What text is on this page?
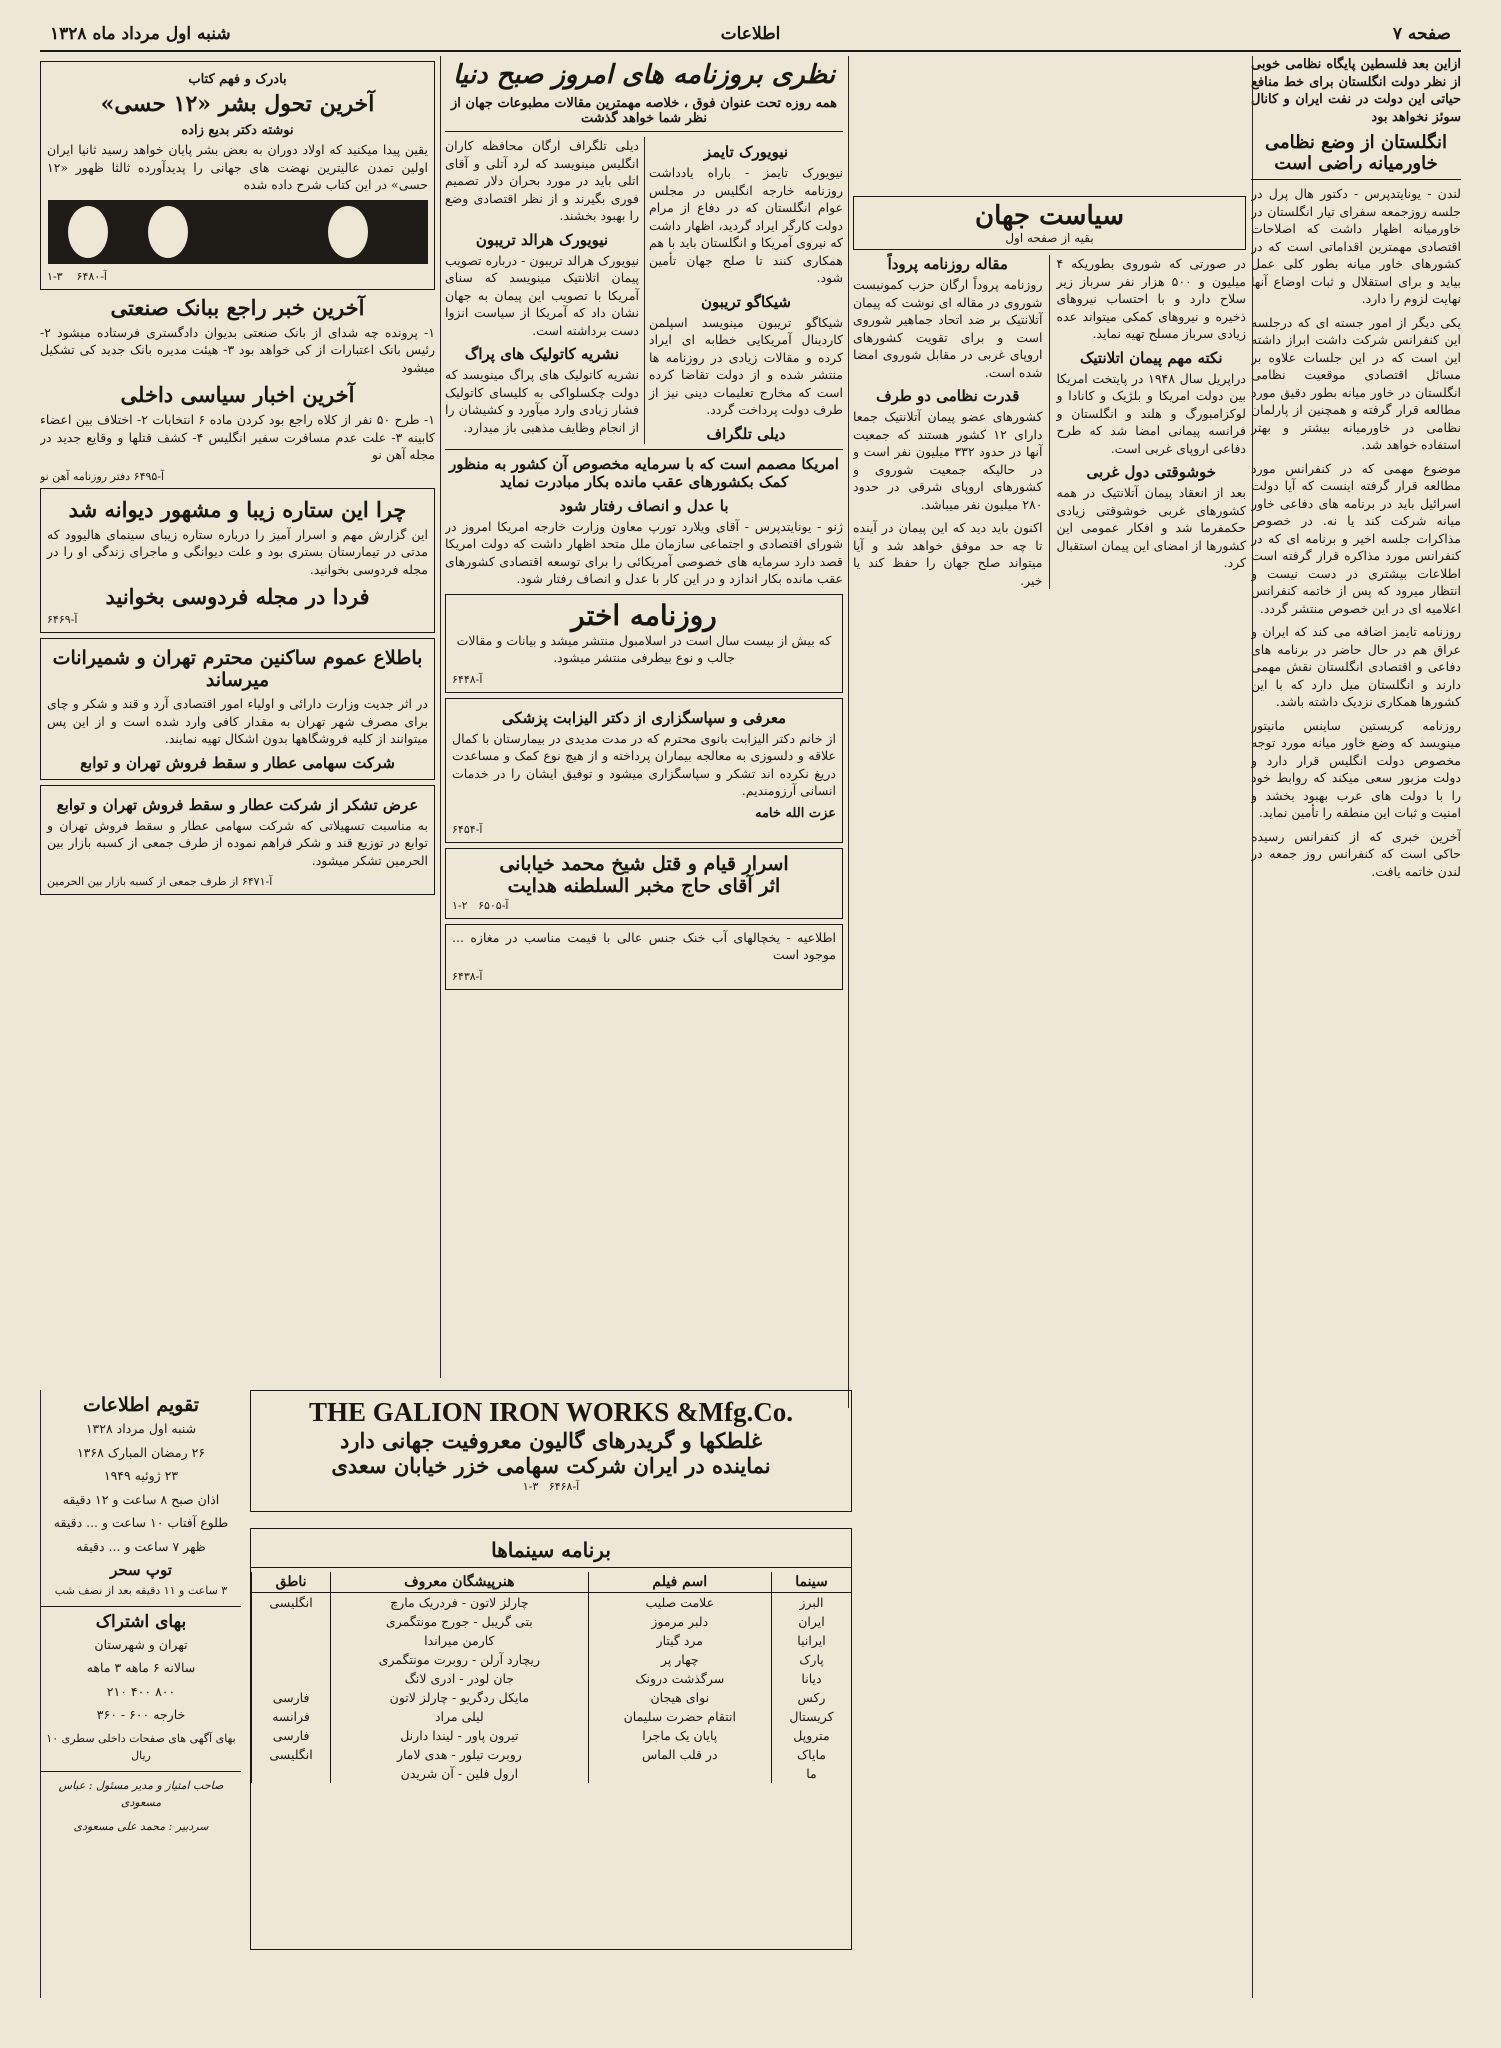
صفحه ۷
اطلاعات
شنبه اول مرداد ماه ۱۳۲۸

ازاین بعد فلسطین پایگاه نظامی خوبی از نظر دولت انگلستان برای خط منافع حیاتی این دولت در نفت ایران و کانال سوئز نخواهد بود

انگلستان از وضع نظامی خاورمیانه راضی است

لندن - یونایتدپرس - دکتور هال پرل در جلسه روزجمعه سفرای تیار انگلستان در خاورمیانه اظهار داشت که اصلاحات اقتصادی مهمترین اقداماتی است که در کشورهای خاور میانه بطور کلی عمل بیاید و برای استقلال و ثبات اوضاع آنها نهایت لزوم را دارد.

یکی دیگر از امور جسته ای که درجلسه این کنفرانس شرکت داشت ابراز داشته این است که در این جلسات علاوه بر مسائل اقتصادی موقعیت نظامی انگلستان در خاور میانه بطور دقیق مورد مطالعه قرار گرفته و همچنین از پارلمان نظامی در خاورمیانه بیشتر و بهتر استفاده خواهد شد.

موضوع مهمی که در کنفرانس مورد مطالعه قرار گرفته اینست که آیا دولت اسرائیل باید در برنامه های دفاعی خاور میانه شرکت کند یا نه. در خصوص مذاکرات جلسه اخیر و برنامه ای که در کنفرانس مورد مذاکره قرار گرفته است اطلاعات بیشتری در دست نیست و انتظار میرود که پس از خاتمه کنفرانس اعلامیه ای در این خصوص منتشر گردد.

روزنامه تایمز اضافه می کند که ایران و عراق هم در حال حاضر در برنامه های دفاعی و اقتصادی انگلستان نقش مهمی دارند و انگلستان میل دارد که با این کشورها همکاری نزدیک داشته باشد.

روزنامه کریستین ساینس مانیتور مینویسد که وضع خاور میانه مورد توجه مخصوص دولت انگلیس قرار دارد و دولت مزبور سعی میکند که روابط خود را با دولت های عرب بهبود بخشد و امنیت و ثبات این منطقه را تأمین نماید.

آخرین خبری که از کنفرانس رسیده حاکی است که کنفرانس روز جمعه در لندن خاتمه یافت.

سیاست جهان
بقیه از صفحه اول

در صورتی که شوروی بطوریکه ۴ میلیون و ۵۰۰ هزار نفر سرباز زیر سلاح دارد و با احتساب نیروهای ذخیره و نیروهای کمکی میتواند عده زیادی سرباز مسلح تهیه نماید.

نکته مهم پیمان اتلانتیک

دراپریل سال ۱۹۴۸ در پایتخت امریکا بین دولت امریکا و بلژیک و کانادا و لوکزامبورگ و هلند و انگلستان و فرانسه پیمانی امضا شد که طرح دفاعی اروپای غربی است.

خوشوقتی دول غربی

بعد از انعقاد پیمان آتلانتیک در همه کشورهای غربی خوشوقتی زیادی حکمفرما شد و افکار عمومی این کشورها از امضای این پیمان استقبال کرد.

مقاله روزنامه پروداً

روزنامه پروداً ارگان حزب کمونیست شوروی در مقاله ای نوشت که پیمان آتلانتیک بر ضد اتحاد جماهیر شوروی است و برای تقویت کشورهای اروپای غربی در مقابل شوروی امضا شده است.

قدرت نظامی دو طرف

کشورهای عضو پیمان آتلانتیک جمعا دارای ۱۲ کشور هستند که جمعیت آنها در حدود ۳۳۲ میلیون نفر است و در حالیکه جمعیت شوروی و کشورهای اروپای شرقی در حدود ۲۸۰ میلیون نفر میباشد.

اکنون باید دید که این پیمان در آینده تا چه حد موفق خواهد شد و آیا میتواند صلح جهان را حفظ کند یا خیر.

نظری بروزنامه های امروز صبح دنیا
همه روزه تحت عنوان فوق ، خلاصه مهمترین مقالات مطبوعات جهان از نظر شما خواهد گذشت
نیویورک تایمز

نیویورک تایمز - باراه یادداشت روزنامه خارجه انگلیس در مجلس عوام انگلستان که در دفاع از مرام دولت کارگر ایراد گردید، اظهار داشت که نیروی آمریکا و انگلستان باید با هم همکاری کنند تا صلح جهان تأمین شود.

شیکاگو تریبون

شیکاگو تریبون مینویسد اسپلمن کاردینال آمریکایی خطابه ای ایراد کرده و مقالات زیادی در روزنامه ها منتشر شده و از دولت تقاضا کرده است که مخارج تعلیمات دینی نیز از طرف دولت پرداخت گردد.

دیلی تلگراف

دیلی تلگراف ارگان محافظه کاران انگلیس مینویسد که لرد آتلی و آقای اتلی باید در مورد بحران دلار تصمیم فوری بگیرند و از نظر اقتصادی وضع را بهبود بخشند.

نیویورک هرالد تریبون

نیویورک هرالد تریبون - درباره تصویب پیمان اتلانتیک مینویسد که سنای آمریکا با تصویب این پیمان به جهان نشان داد که آمریکا از سیاست انزوا دست برداشته است.

نشریه کاتولیک های پراگ

نشریه کاتولیک های پراگ مینویسد که دولت چکسلواکی به کلیسای کاتولیک فشار زیادی وارد میآورد و کشیشان را از انجام وظایف مذهبی باز میدارد.

امریکا مصمم است که با سرمایه مخصوص آن کشور به منظور کمک بکشورهای عقب مانده بکار مبادرت نماید
با عدل و انصاف رفتار شود

ژنو - یونایتدپرس - آقای ویلارد تورپ معاون وزارت خارجه امریکا امروز در شورای اقتصادی و اجتماعی سازمان ملل متحد اظهار داشت که دولت امریکا قصد دارد سرمایه های خصوصی آمریکائی را برای توسعه اقتصادی کشورهای عقب مانده بکار اندازد و در این کار با عدل و انصاف رفتار شود.

روزنامه اختر

که بیش از بیست سال است در اسلامبول منتشر میشد و بیانات و مقالات جالب و نوع بیطرفی منتشر میشود.

آ-۶۴۴۸
معرفی و سپاسگزاری از دکتر الیزابت پزشکی

از خانم دکتر الیزابت بانوی محترم که در مدت مدیدی در بیمارستان با کمال علاقه و دلسوزی به معالجه بیماران پرداخته و از هیچ نوع کمک و مساعدت دریغ نکرده اند تشکر و سپاسگزاری میشود و توفیق ایشان را در خدمات انسانی آرزومندیم.

عزت الله خامه
آ-۶۴۵۴
اسرار قیام و قتل شیخ محمد خیابانی
اثر آقای حاج مخبر السلطنه هدایت
آ-۶۵۰۵   ۲-۱

اطلاعیه - یخچالهای آب خنک جنس عالی با قیمت مناسب در مغازه ... موجود است

آ-۶۴۳۸
بادرک و فهم کتاب
آخرین تحول بشر «۱۲ حسی»
نوشته دکتر بدیع زاده

یقین پیدا میکنید که اولاد دوران به بعض بشر پایان خواهد رسید ثانیا ایران اولین تمدن عالیترین نهضت های جهانی را پدیدآورده ثالثا ظهور «۱۲ حسی» در این کتاب شرح داده شده

۱-۳ آ-۶۴۸۰
آخرین خبر راجع ببانک صنعتی

۱- پرونده چه شدای از بانک صنعتی بدیوان دادگستری فرستاده میشود ۲- رئیس بانک اعتبارات از کی خواهد بود ۳- هیئت مدیره بانک جدید کی تشکیل میشود

آخرین اخبار سیاسی داخلی

۱- طرح ۵۰ نفر از کلاه راجع بود کردن ماده ۶ انتخابات ۲- اختلاف بین اعضاء کابینه ۳- علت عدم مسافرت سفیر انگلیس ۴- کشف قتلها و وقایع جدید در مجله آهن نو

آ-۶۴۹۵ دفتر روزنامه آهن نو
چرا این ستاره زیبا و مشهور دیوانه شد

این گزارش مهم و اسرار آمیز را درباره ستاره زیبای سینمای هالیوود که مدتی در تیمارستان بستری بود و علت دیوانگی و ماجرای زندگی او را در مجله فردوسی بخوانید.

فردا در مجله فردوسی بخوانید
آ-۶۴۶۹
باطلاع عموم ساکنین محترم تهران و شمیرانات میرساند

در اثر جدیت وزارت دارائی و اولیاء امور اقتصادی آرد و قند و شکر و چای برای مصرف شهر تهران به مقدار کافی وارد شده است و از این پس میتوانند از کلیه فروشگاهها بدون اشکال تهیه نمایند.

شرکت سهامی عطار و سقط فروش تهران و توابع
عرض تشکر از شرکت عطار و سقط فروش تهران و توابع

به مناسبت تسهیلاتی که شرکت سهامی عطار و سقط فروش تهران و توابع در توزیع قند و شکر فراهم نموده از طرف جمعی از کسبه بازار بین الحرمین تشکر میشود.

آ-۶۴۷۱ از طرف جمعی از کسبه بازار بین الحرمین
تقویم اطلاعات
شنبه اول مرداد ۱۳۲۸
۲۶ رمضان المبارک ۱۳۶۸
۲۳ ژوئیه ۱۹۴۹
اذان صبح ۸ ساعت و ۱۲ دقیقه
طلوع آفتاب ۱۰ ساعت و ... دقیقه
ظهر ۷ ساعت و ... دقیقه
توپ سحر
۳ ساعت و ۱۱ دقیقه بعد از نصف شب
بهای اشتراک
تهران و شهرستان
سالانه ۶ ماهه ۳ ماهه
۸۰۰ ۴۰۰ ۲۱۰
خارجه ۶۰۰ - ۳۶۰
بهای آگهی های صفحات داخلی سطری ۱۰ ریال
صاحب امتیاز و مدیر مسئول : عباس مسعودی
سردبیر : محمد علی مسعودی
THE GALION IRON WORKS &Mfg.Co.
غلطکها و گریدرهای گالیون معروفیت جهانی دارد
نماینده در ایران شرکت سهامی خزر خیابان سعدی
آ-۶۴۶۸   ۳-۱
برنامه سینماها
سینما	اسم فیلم	هنرپیشگان معروف	ناطق
البرز	علامت صلیب	چارلز لاتون - فردریک مارچ	انگلیسی
ایران	دلبر مرموز	بتی گریبل - جورج مونتگمری	
ایرانیا	مرد گیتار	کارمن میراندا	
پارک	چهار پر	ریچارد آرلن - روبرت مونتگمری	
دیانا	سرگذشت درونک	جان لودر - ادری لانگ	
رکس	نوای هیجان	مایکل ردگریو - چارلز لاتون	فارسی
کریستال	انتقام حضرت سلیمان	لیلی مراد	فرانسه
متروپل	پایان یک ماجرا	تیرون پاور - لیندا دارنل	فارسی
مایاک	در قلب الماس	روبرت تیلور - هدی لامار	انگلیسی
ما		ارول فلین - آن شریدن	
